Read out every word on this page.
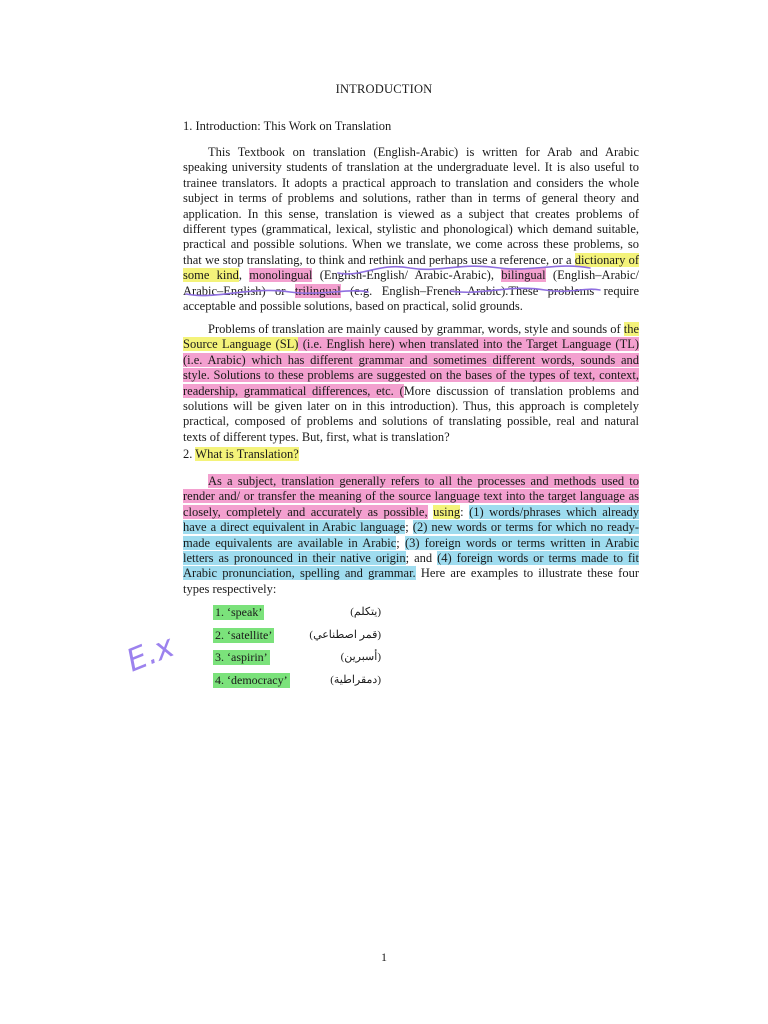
INTRODUCTION
1. Introduction: This Work on Translation

This Textbook on translation (English-Arabic) is written for Arab and Arabic speaking university students of translation at the undergraduate level. It is also useful to trainee translators. It adopts a practical approach to translation and considers the whole subject in terms of problems and solutions, rather than in terms of general theory and application. In this sense, translation is viewed as a subject that creates problems of different types (grammatical, lexical, stylistic and phonological) which demand suitable, practical and possible solutions. When we translate, we come across these problems, so that we stop translating, to think and rethink and perhaps use a reference, or a dictionary of some kind, monolingual (English-English/ Arabic-Arabic), bilingual (English–Arabic/ Arabic–English) or trilingual (e.g. English–French–Arabic).These problems require acceptable and possible solutions, based on practical, solid grounds.

Problems of translation are mainly caused by grammar, words, style and sounds of the Source Language (SL) (i.e. English here) when translated into the Target Language (TL) (i.e. Arabic) which has different grammar and sometimes different words, sounds and style. Solutions to these problems are suggested on the bases of the types of text, context, readership, grammatical differences, etc. (More discussion of translation problems and solutions will be given later on in this introduction). Thus, this approach is completely practical, composed of problems and solutions of translating possible, real and natural texts of different types. But, first, what is translation?

2. What is Translation?

As a subject, translation generally refers to all the processes and methods used to render and/ or transfer the meaning of the source language text into the target language as closely, completely and accurately as possible, using: (1) words/phrases which already have a direct equivalent in Arabic language; (2) new words or terms for which no ready-made equivalents are available in Arabic; (3) foreign words or terms written in Arabic letters as pronounced in their native origin; and (4) foreign words or terms made to fit Arabic pronunciation, spelling and grammar. Here are examples to illustrate these four types respectively:

1. ‘speak’	(يتكلم)
2. ‘satellite’	(قمر اصطناعي)
3. ‘aspirin’	(أسبرين)
4. ‘democracy’	(دمقراطية)
1
E.x
